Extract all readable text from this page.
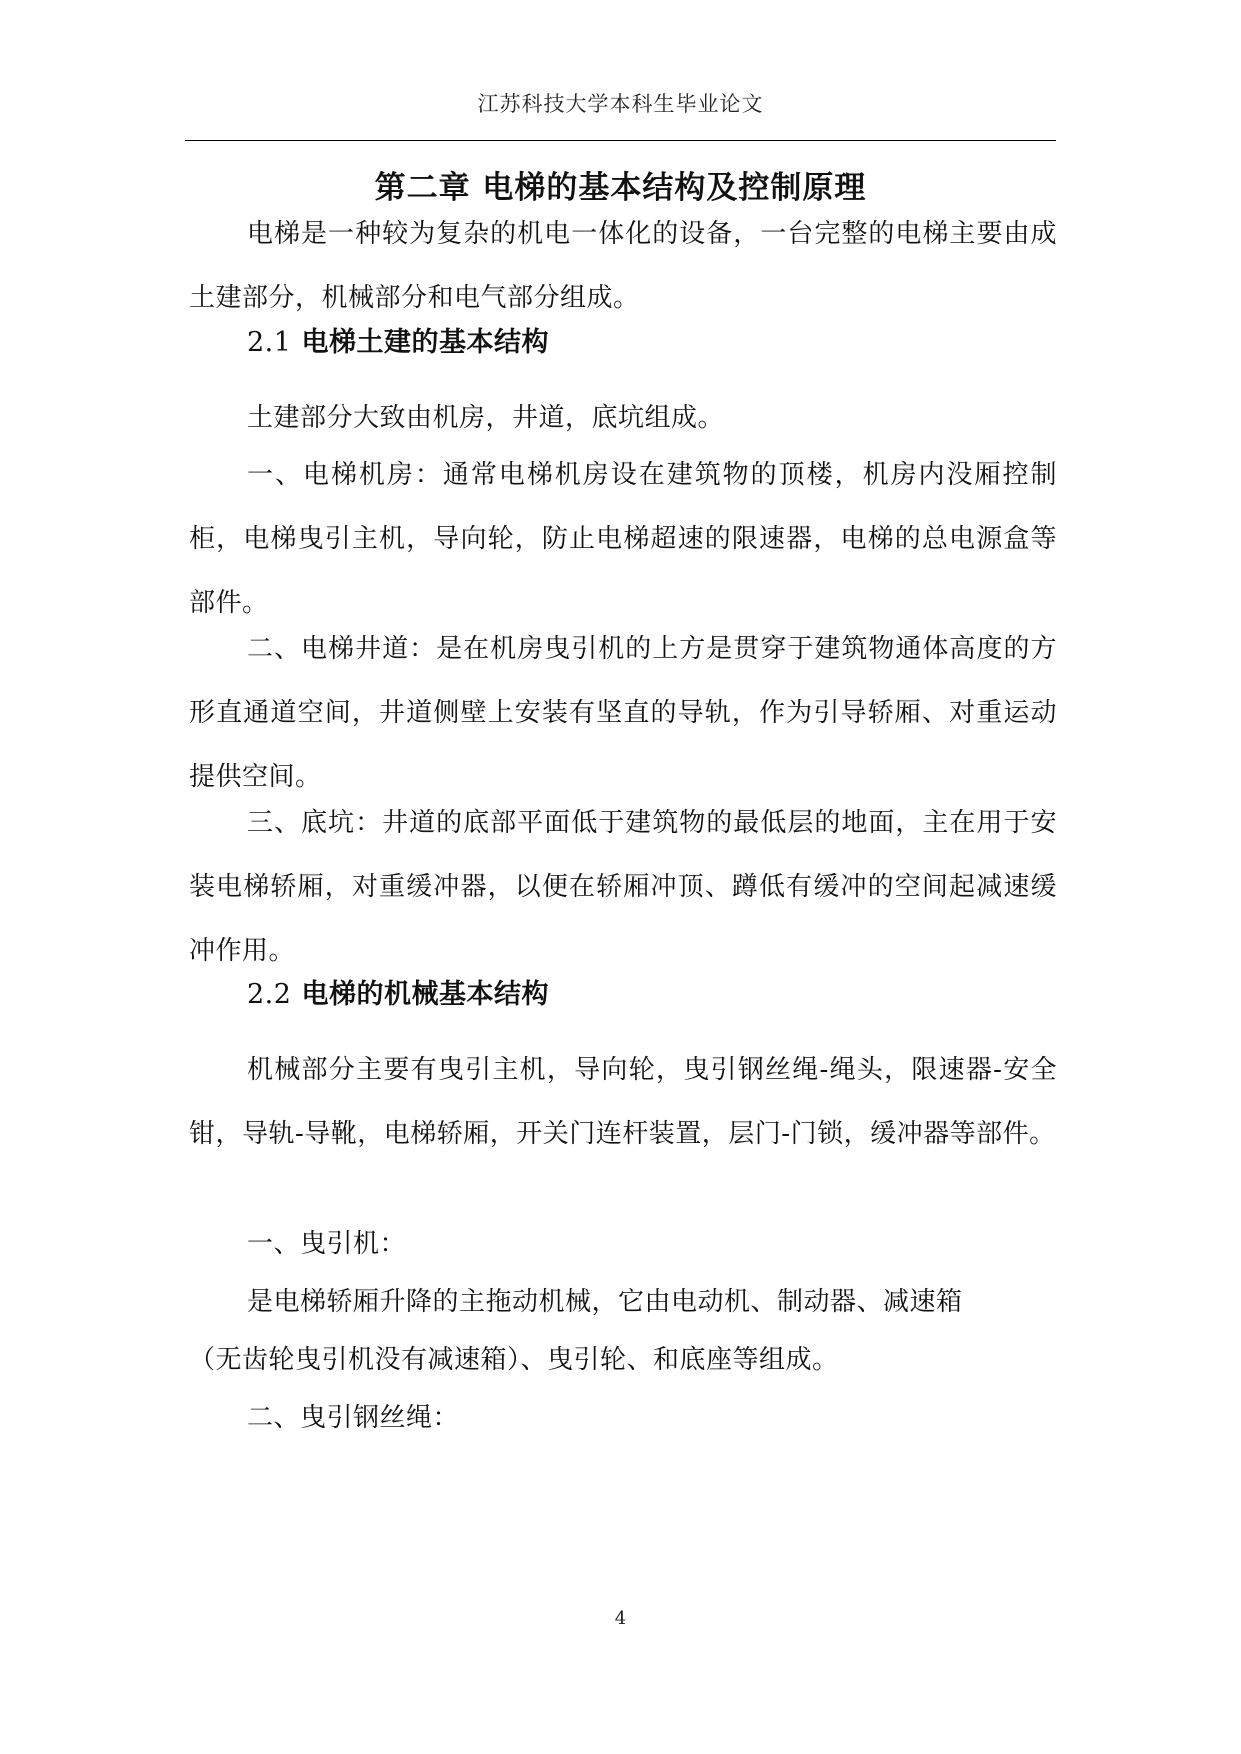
江苏科技大学本科生毕业论文
第二章 电梯的基本结构及控制原理

电梯是一种较为复杂的机电一体化的设备，一台完整的电梯主要由成土建部分，机械部分和电气部分组成。

2.1 电梯土建的基本结构

土建部分大致由机房，井道，底坑组成。

一、电梯机房：通常电梯机房设在建筑物的顶楼，机房内没厢控制柜，电梯曳引主机，导向轮，防止电梯超速的限速器，电梯的总电源盒等部件。

二、电梯井道：是在机房曳引机的上方是贯穿于建筑物通体高度的方形直通道空间，井道侧壁上安装有坚直的导轨，作为引导轿厢、对重运动提供空间。

三、底坑：井道的底部平面低于建筑物的最低层的地面，主在用于安装电梯轿厢，对重缓冲器，以便在轿厢冲顶、蹲低有缓冲的空间起减速缓冲作用。

2.2 电梯的机械基本结构

机械部分主要有曳引主机，导向轮，曳引钢丝绳-绳头，限速器-安全钳，导轨-导靴，电梯轿厢，开关门连杆装置，层门-门锁，缓冲器等部件。

一、曳引机：

是电梯轿厢升降的主拖动机械，它由电动机、制动器、减速箱

（无齿轮曳引机没有减速箱）、曳引轮、和底座等组成。

二、曳引钢丝绳：

4
